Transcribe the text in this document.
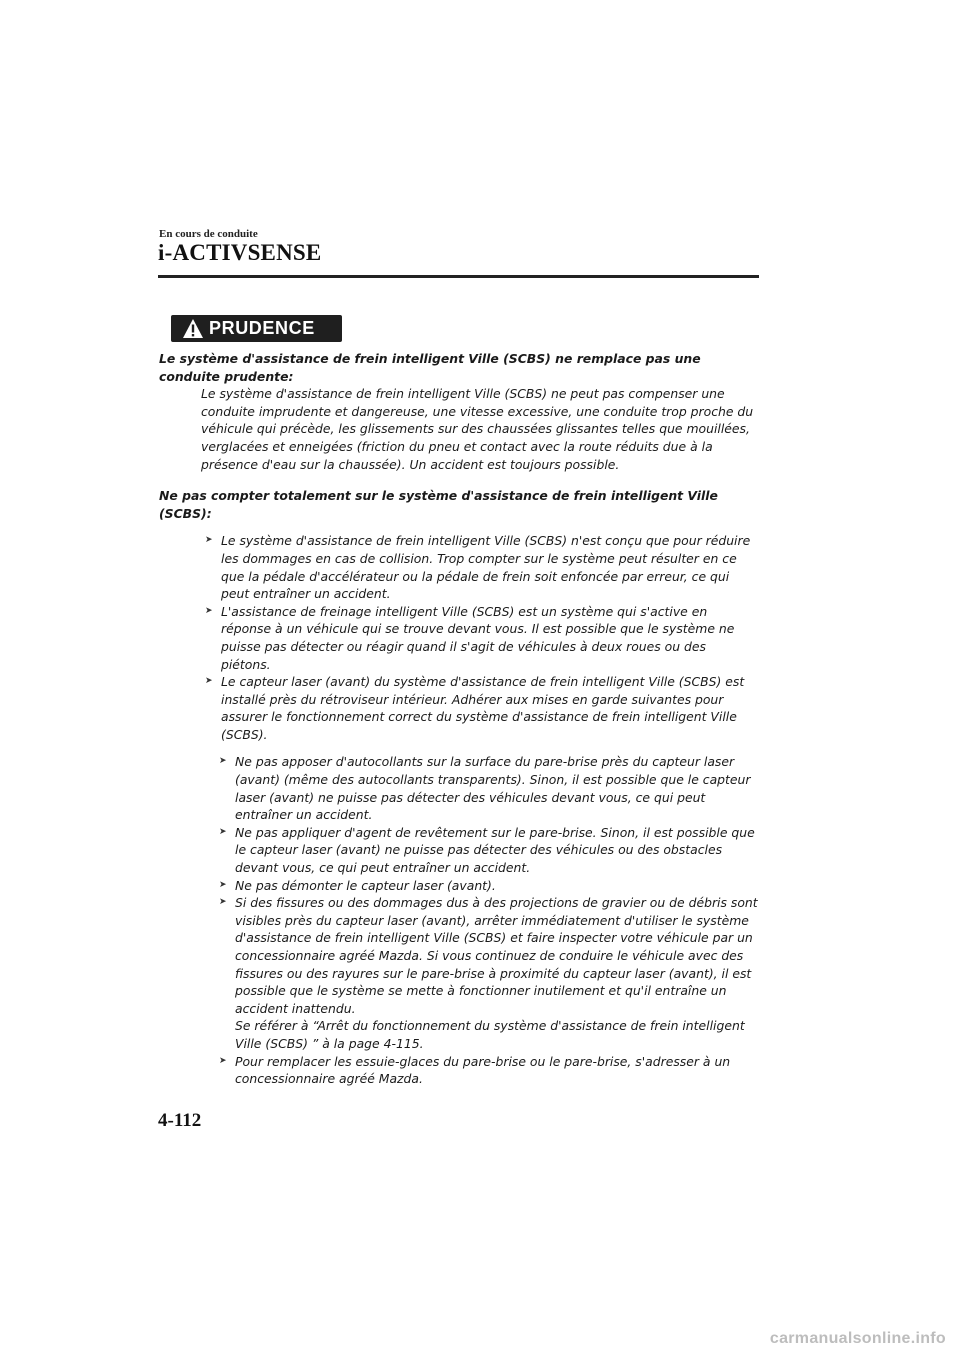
En cours de conduite
i-ACTIVSENSE
PRUDENCE

Le système d'assistance de frein intelligent Ville (SCBS) ne remplace pas une conduite prudente:

Le système d'assistance de frein intelligent Ville (SCBS) ne peut pas compenser une conduite imprudente et dangereuse, une vitesse excessive, une conduite trop proche du véhicule qui précède, les glissements sur des chaussées glissantes telles que mouillées, verglacées et enneigées (friction du pneu et contact avec la route réduits due à la présence d'eau sur la chaussée). Un accident est toujours possible.

Ne pas compter totalement sur le système d'assistance de frein intelligent Ville (SCBS):

➤ Le système d'assistance de frein intelligent Ville (SCBS) n'est conçu que pour réduire les dommages en cas de collision. Trop compter sur le système peut résulter en ce que la pédale d'accélérateur ou la pédale de frein soit enfoncée par erreur, ce qui peut entraîner un accident.
➤ L'assistance de freinage intelligent Ville (SCBS) est un système qui s'active en réponse à un véhicule qui se trouve devant vous. Il est possible que le système ne puisse pas détecter ou réagir quand il s'agit de véhicules à deux roues ou des piétons.
➤ Le capteur laser (avant) du système d'assistance de frein intelligent Ville (SCBS) est installé près du rétroviseur intérieur. Adhérer aux mises en garde suivantes pour assurer le fonctionnement correct du système d'assistance de frein intelligent Ville (SCBS).
➤ Ne pas apposer d'autocollants sur la surface du pare-brise près du capteur laser (avant) (même des autocollants transparents). Sinon, il est possible que le capteur laser (avant) ne puisse pas détecter des véhicules devant vous, ce qui peut entraîner un accident.
➤ Ne pas appliquer d'agent de revêtement sur le pare-brise. Sinon, il est possible que le capteur laser (avant) ne puisse pas détecter des véhicules ou des obstacles devant vous, ce qui peut entraîner un accident.
➤ Ne pas démonter le capteur laser (avant).
➤ Si des fissures ou des dommages dus à des projections de gravier ou de débris sont visibles près du capteur laser (avant), arrêter immédiatement d'utiliser le système d'assistance de frein intelligent Ville (SCBS) et faire inspecter votre véhicule par un concessionnaire agréé Mazda. Si vous continuez de conduire le véhicule avec des fissures ou des rayures sur le pare-brise à proximité du capteur laser (avant), il est possible que le système se mette à fonctionner inutilement et qu'il entraîne un accident inattendu.
Se référer à “Arrêt du fonctionnement du système d'assistance de frein intelligent Ville (SCBS) ” à la page 4-115.
➤ Pour remplacer les essuie-glaces du pare-brise ou le pare-brise, s'adresser à un concessionnaire agréé Mazda.
4-112
carmanualsonline.info
